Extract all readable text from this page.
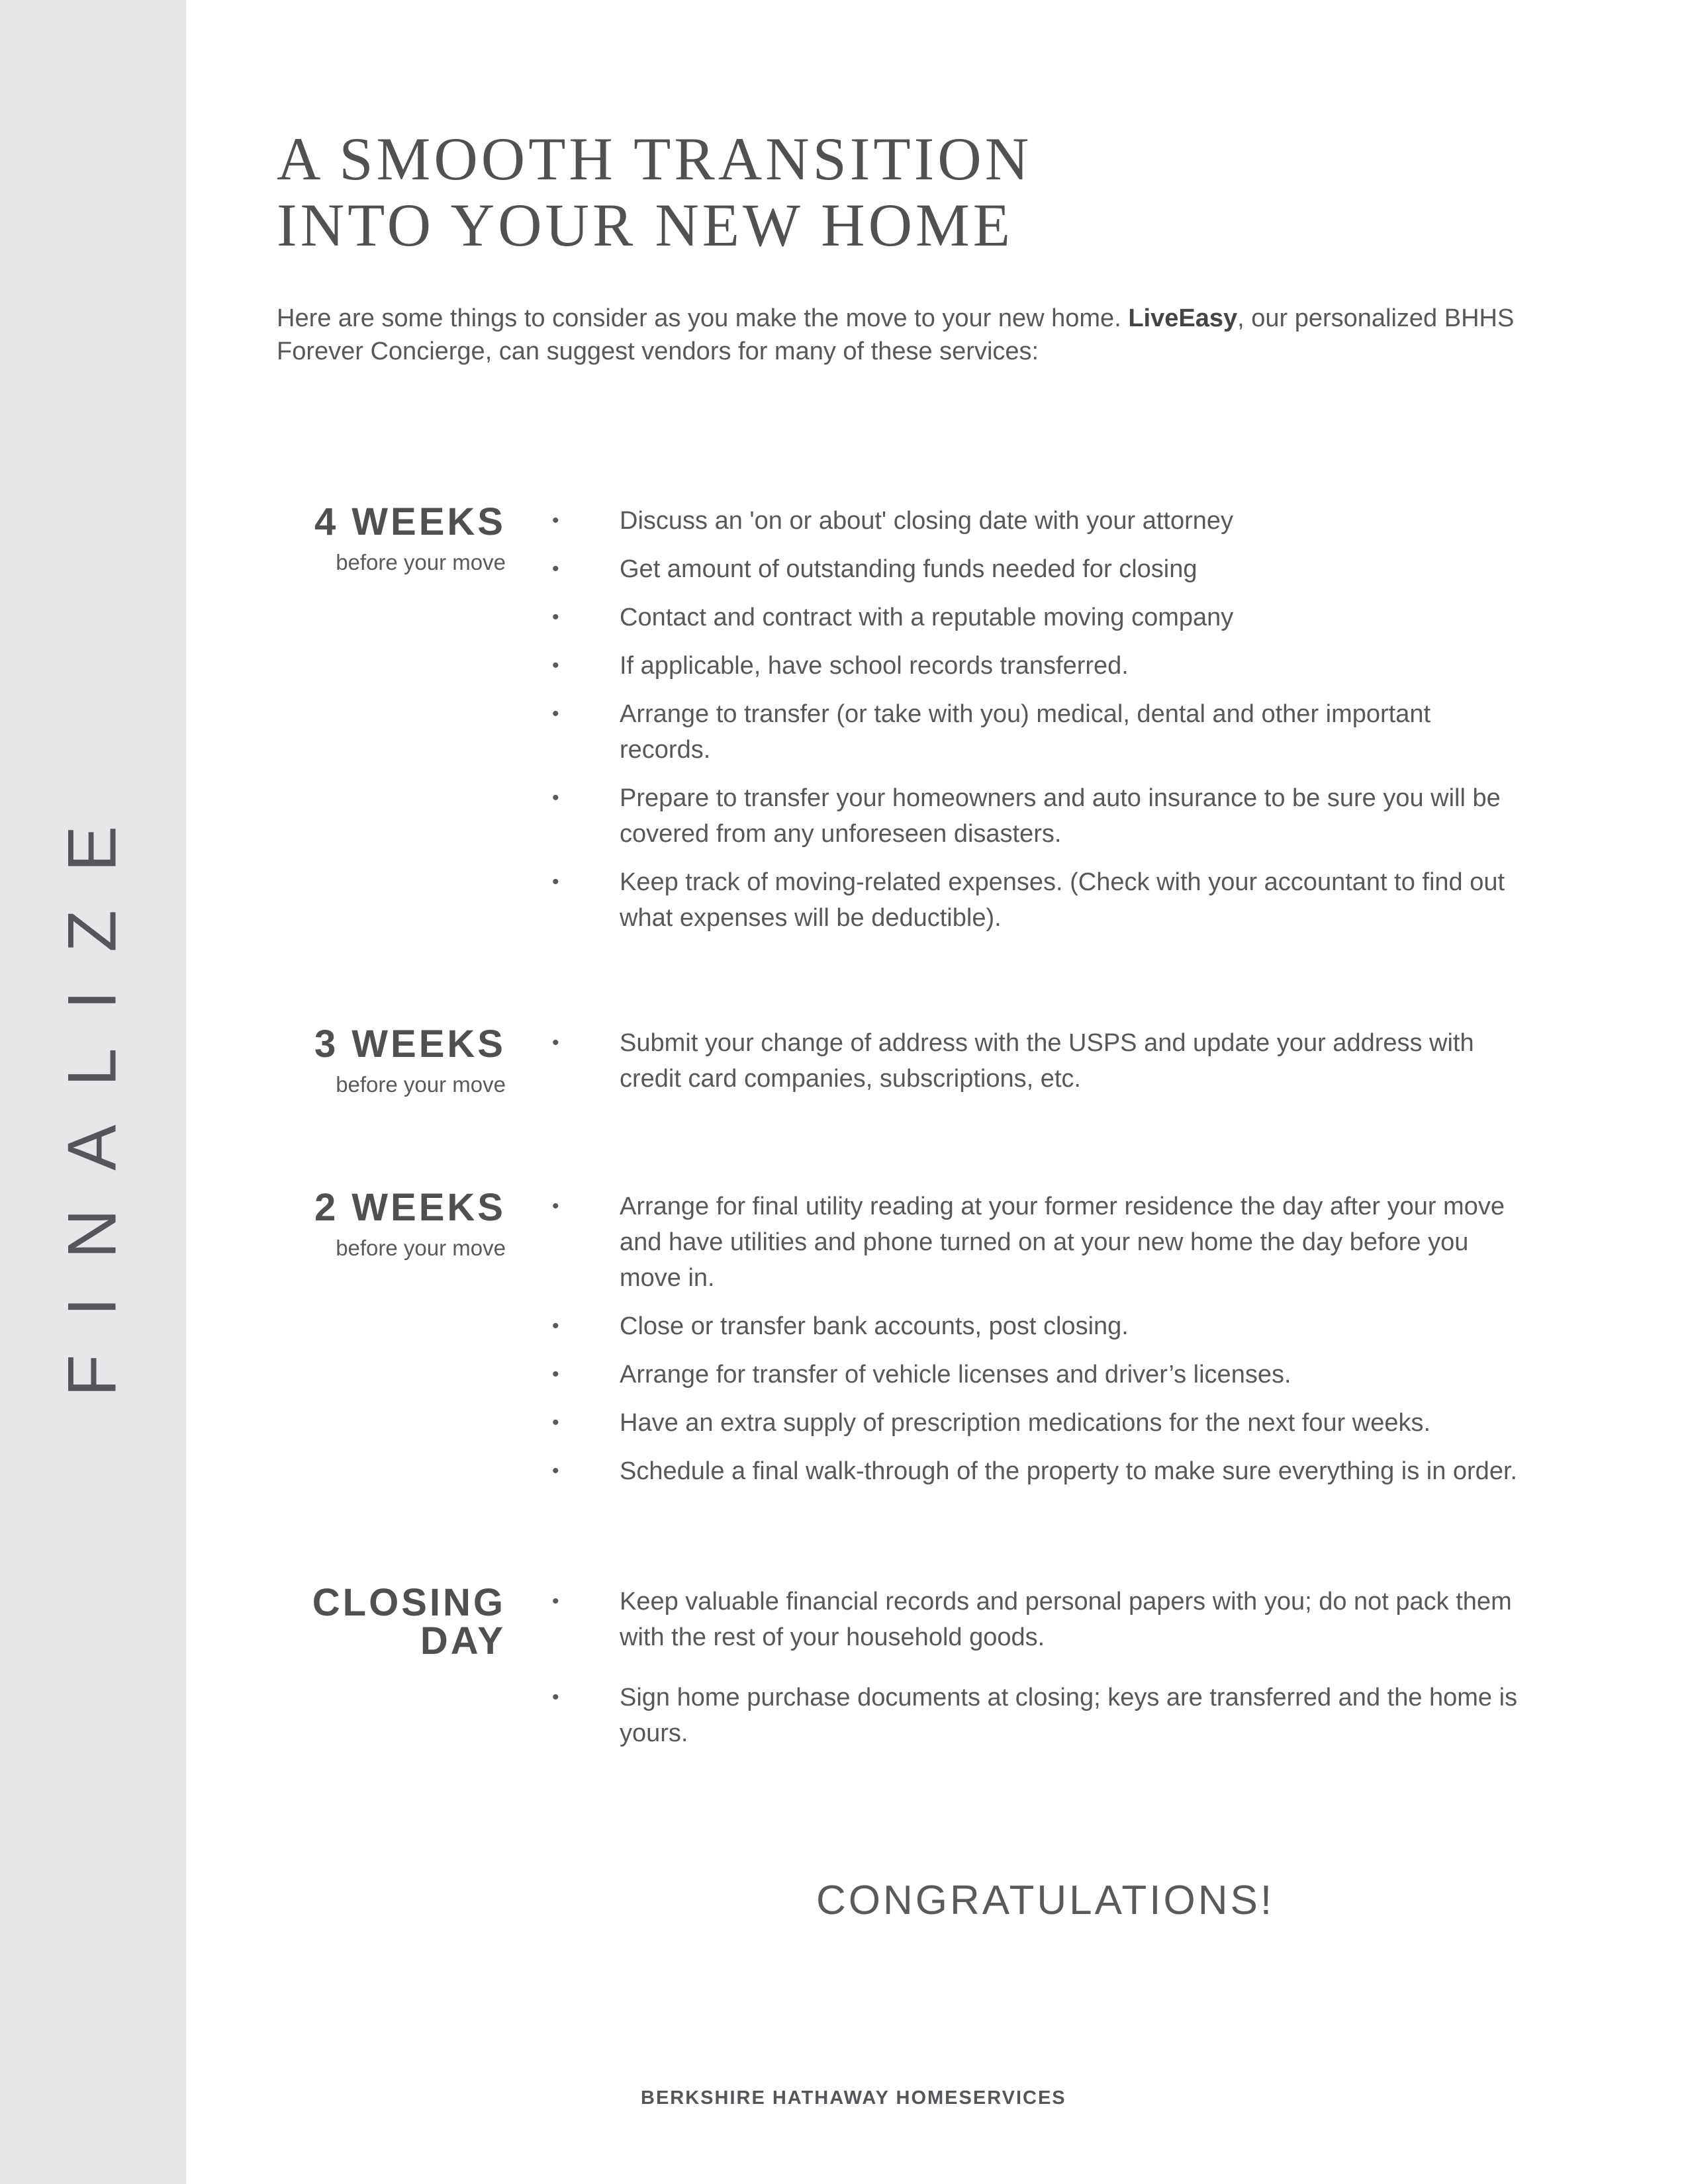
FINALIZE
A SMOOTH TRANSITION
INTO YOUR NEW HOME

Here are some things to consider as you make the move to your new home. LiveEasy, our personalized BHHS Forever Concierge, can suggest vendors for many of these services:

4 WEEKS
before your move
• Discuss an 'on or about' closing date with your attorney
• Get amount of outstanding funds needed for closing
• Contact and contract with a reputable moving company
• If applicable, have school records transferred.
• Arrange to transfer (or take with you) medical, dental and other important records.
• Prepare to transfer your homeowners and auto insurance to be sure you will be covered from any unforeseen disasters.
• Keep track of moving-related expenses. (Check with your accountant to find out what expenses will be deductible).
3 WEEKS
before your move
• Submit your change of address with the USPS and update your address with credit card companies, subscriptions, etc.
2 WEEKS
before your move
• Arrange for final utility reading at your former residence the day after your move and have utilities and phone turned on at your new home the day before you move in.
• Close or transfer bank accounts, post closing.
• Arrange for transfer of vehicle licenses and driver’s licenses.
• Have an extra supply of prescription medications for the next four weeks.
• Schedule a final walk-through of the property to make sure everything is in order.
CLOSING
DAY
• Keep valuable financial records and personal papers with you; do not pack them with the rest of your household goods.
• Sign home purchase documents at closing; keys are transferred and the home is yours.
CONGRATULATIONS!
BERKSHIRE HATHAWAY HOMESERVICES
